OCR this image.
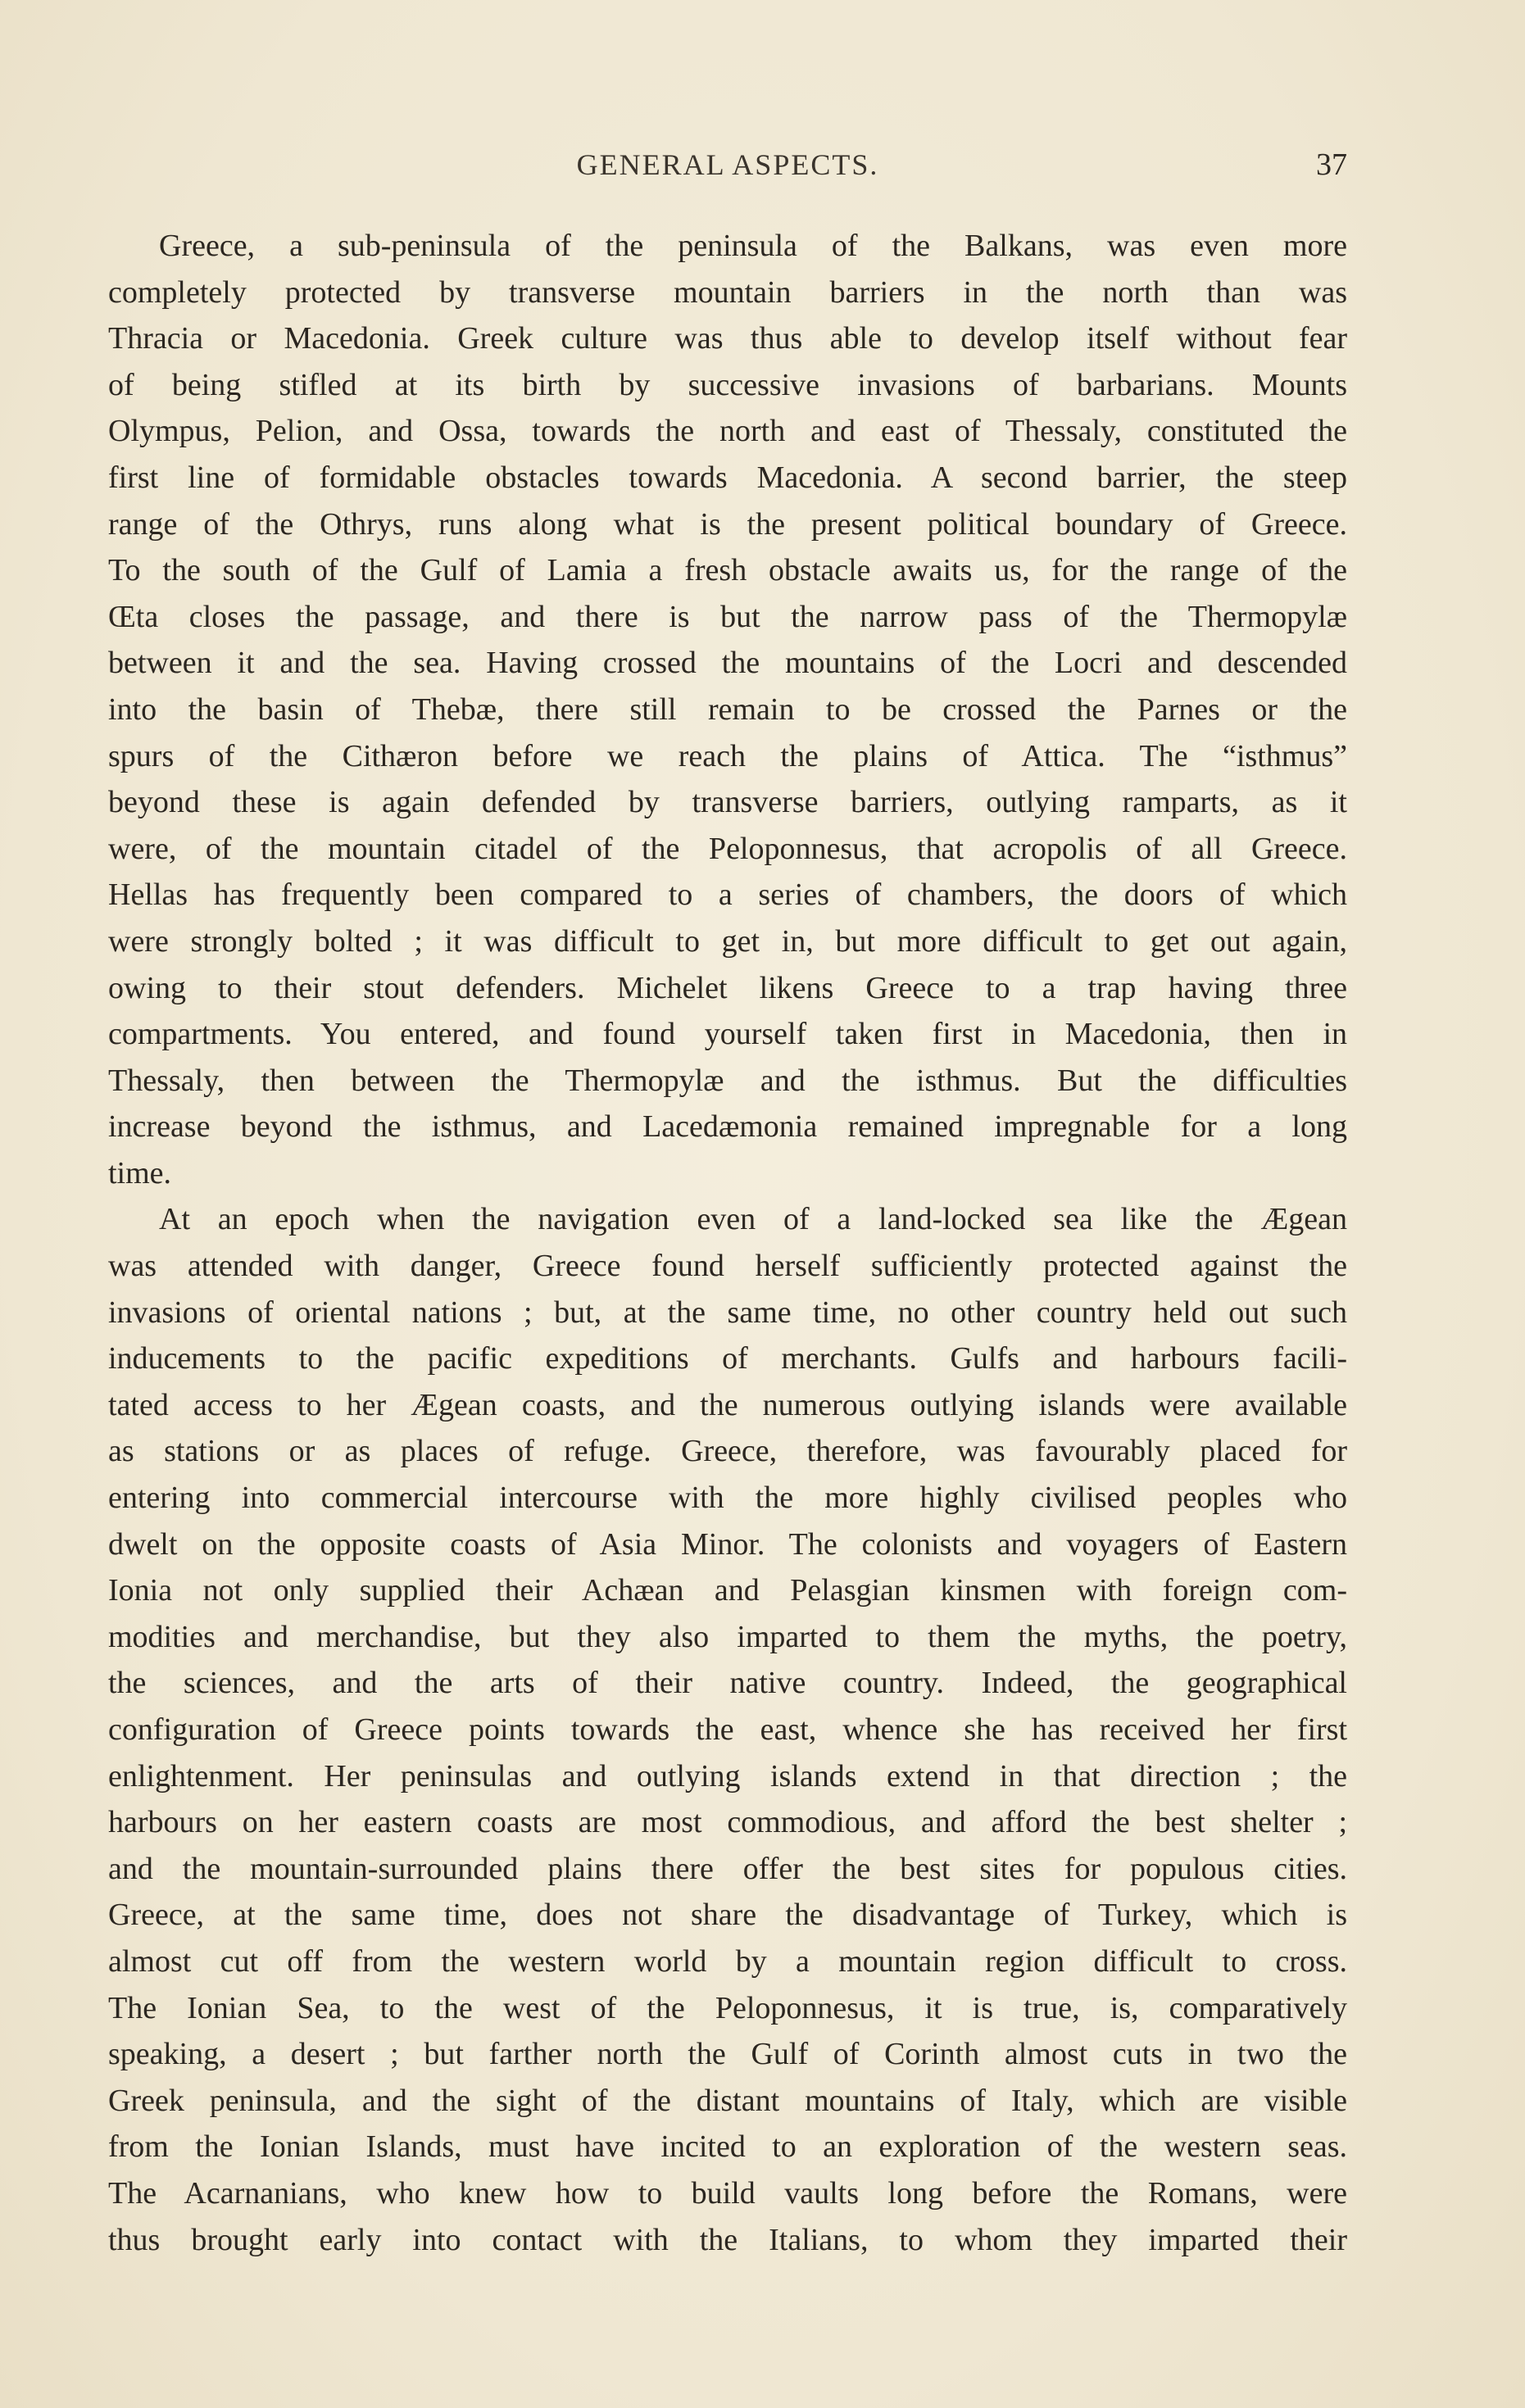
GENERAL ASPECTS.	37
Greece, a sub-peninsula of the peninsula of the Balkans, was even more
completely protected by transverse mountain barriers in the north than was
Thracia or Macedonia. Greek culture was thus able to develop itself without fear
of being stifled at its birth by successive invasions of barbarians. Mounts
Olympus, Pelion, and Ossa, towards the north and east of Thessaly, constituted the
first line of formidable obstacles towards Macedonia. A second barrier, the steep
range of the Othrys, runs along what is the present political boundary of Greece.
To the south of the Gulf of Lamia a fresh obstacle awaits us, for the range of the
Œta closes the passage, and there is but the narrow pass of the Thermopylæ
between it and the sea. Having crossed the mountains of the Locri and descended
into the basin of Thebæ, there still remain to be crossed the Parnes or the
spurs of the Cithæron before we reach the plains of Attica. The “isthmus”
beyond these is again defended by transverse barriers, outlying ramparts, as it
were, of the mountain citadel of the Peloponnesus, that acropolis of all Greece.
Hellas has frequently been compared to a series of chambers, the doors of which
were strongly bolted ; it was difficult to get in, but more difficult to get out again,
owing to their stout defenders. Michelet likens Greece to a trap having three
compartments. You entered, and found yourself taken first in Macedonia, then in
Thessaly, then between the Thermopylæ and the isthmus. But the difficulties
increase beyond the isthmus, and Lacedæmonia remained impregnable for a long
time.
At an epoch when the navigation even of a land-locked sea like the Ægean
was attended with danger, Greece found herself sufficiently protected against the
invasions of oriental nations ; but, at the same time, no other country held out such
inducements to the pacific expeditions of merchants. Gulfs and harbours facili-
tated access to her Ægean coasts, and the numerous outlying islands were available
as stations or as places of refuge. Greece, therefore, was favourably placed for
entering into commercial intercourse with the more highly civilised peoples who
dwelt on the opposite coasts of Asia Minor. The colonists and voyagers of Eastern
Ionia not only supplied their Achæan and Pelasgian kinsmen with foreign com-
modities and merchandise, but they also imparted to them the myths, the poetry,
the sciences, and the arts of their native country. Indeed, the geographical
configuration of Greece points towards the east, whence she has received her first
enlightenment. Her peninsulas and outlying islands extend in that direction ; the
harbours on her eastern coasts are most commodious, and afford the best shelter ;
and the mountain-surrounded plains there offer the best sites for populous cities.
Greece, at the same time, does not share the disadvantage of Turkey, which is
almost cut off from the western world by a mountain region difficult to cross.
The Ionian Sea, to the west of the Peloponnesus, it is true, is, comparatively
speaking, a desert ; but farther north the Gulf of Corinth almost cuts in two the
Greek peninsula, and the sight of the distant mountains of Italy, which are visible
from the Ionian Islands, must have incited to an exploration of the western seas.
The Acarnanians, who knew how to build vaults long before the Romans, were
thus brought early into contact with the Italians, to whom they imparted their
